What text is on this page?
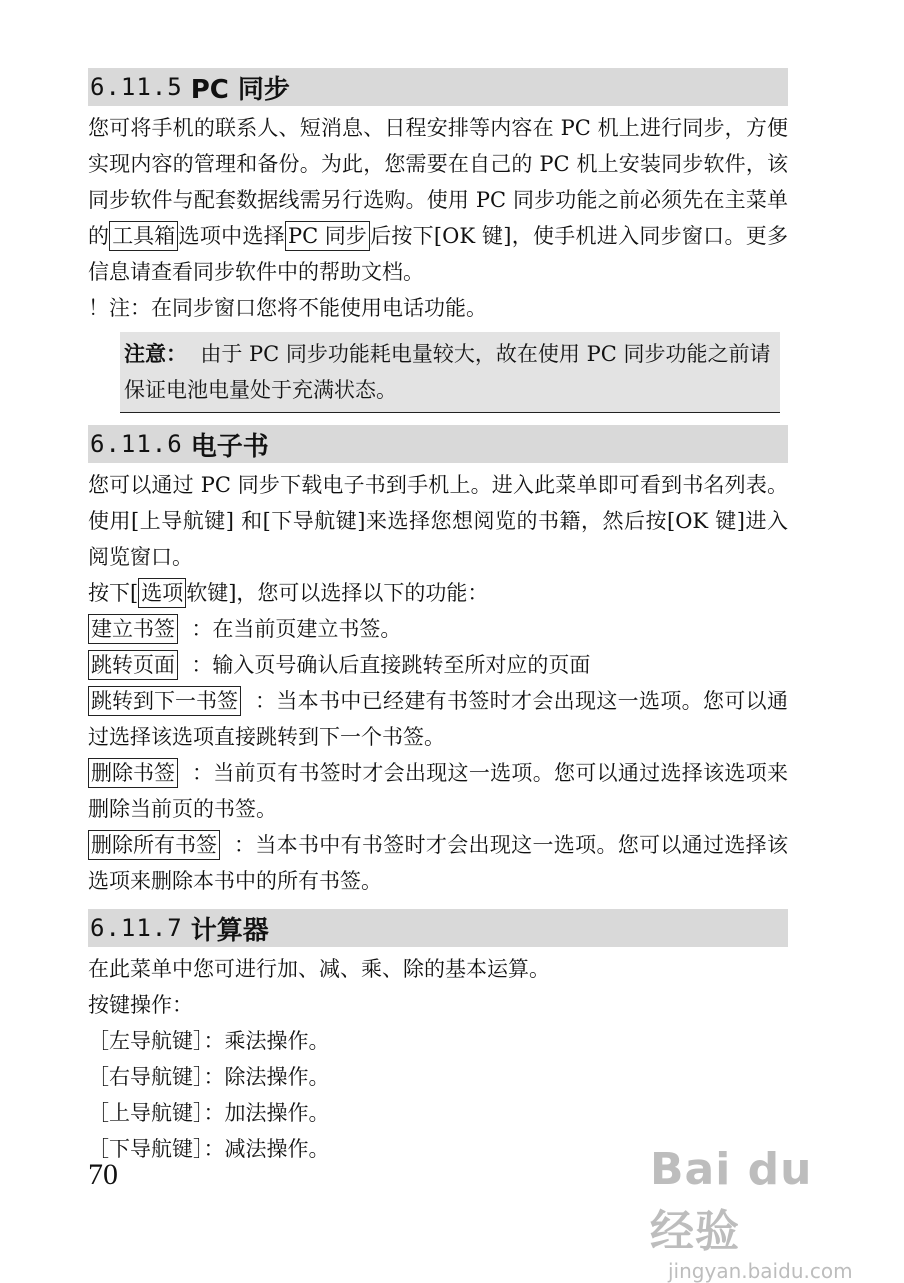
6.11.5 PC 同步

您可将手机的联系人、短消息、日程安排等内容在 PC 机上进行同步，方便实现内容的管理和备份。为此，您需要在自己的 PC 机上安装同步软件，该同步软件与配套数据线需另行选购。使用 PC 同步功能之前必须先在主菜单的 工具箱 选项中选择 PC 同步 后按下[OK 键]，使手机进入同步窗口。更多信息请查看同步软件中的帮助文档。

！注：在同步窗口您将不能使用电话功能。

注意： 由于 PC 同步功能耗电量较大，故在使用 PC 同步功能之前请保证电池电量处于充满状态。

6.11.6 电子书

您可以通过 PC 同步下载电子书到手机上。进入此菜单即可看到书名列表。使用[上导航键] 和[下导航键]来选择您想阅览的书籍，然后按[OK 键]进入阅览窗口。

按下[ 选项 软键]，您可以选择以下的功能：

建立书签 ：在当前页建立书签。

跳转页面 ：输入页号确认后直接跳转至所对应的页面

跳转到下一书签 ：当本书中已经建有书签时才会出现这一选项。您可以通过选择该选项直接跳转到下一个书签。

删除书签 ：当前页有书签时才会出现这一选项。您可以通过选择该选项来删除当前页的书签。

删除所有书签 ：当本书中有书签时才会出现这一选项。您可以通过选择该选项来删除本书中的所有书签。

6.11.7 计算器

在此菜单中您可进行加、减、乘、除的基本运算。

按键操作：

［左导航键］：乘法操作。

［右导航键］：除法操作。

［上导航键］：加法操作。

［下导航键］：减法操作。

70	Bai du 经验
jingyan.baidu.com
